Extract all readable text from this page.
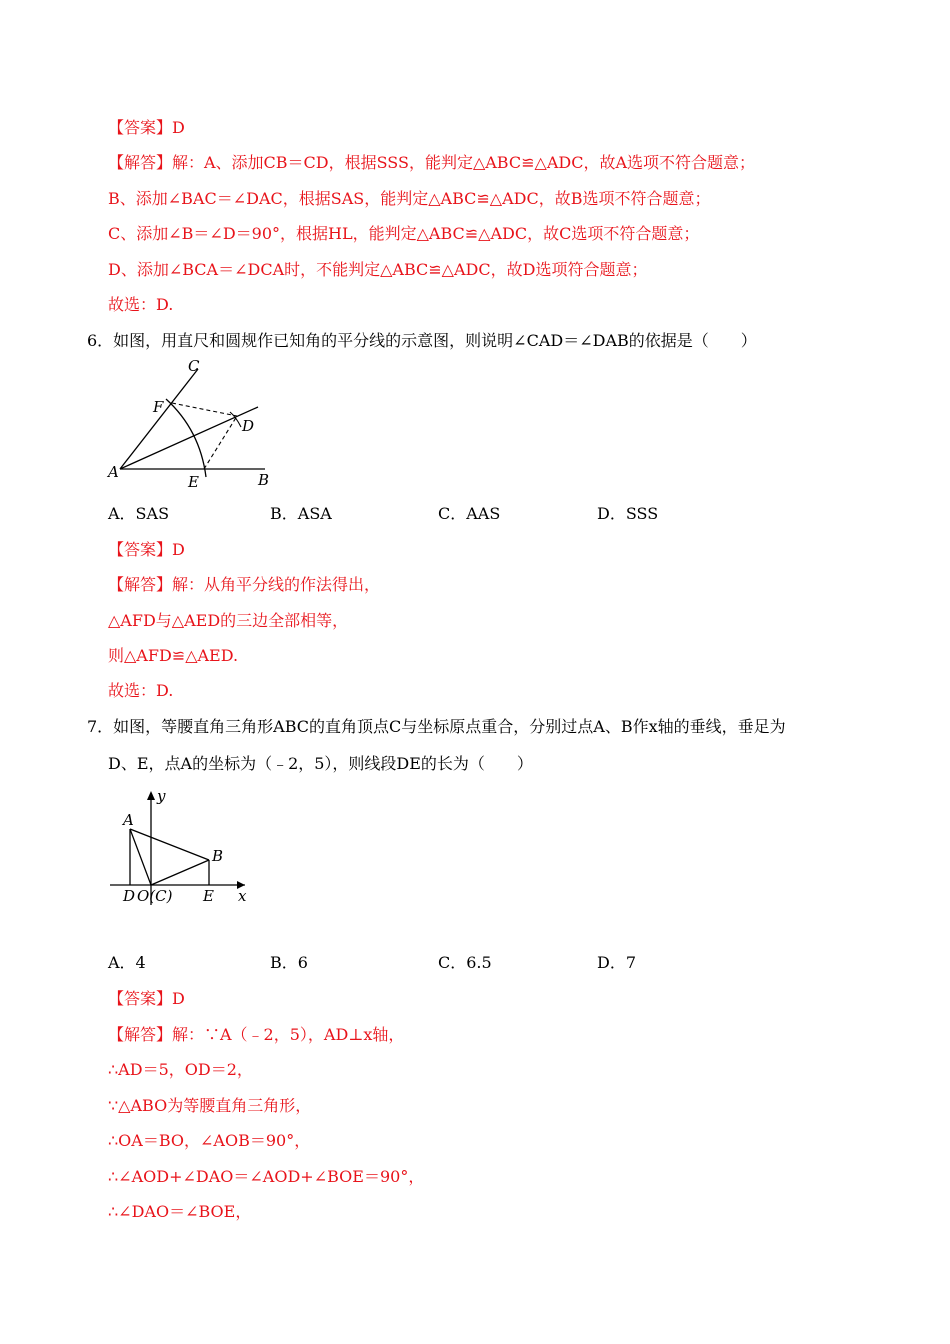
【答案】D
【解答】解：A、添加CB＝CD，根据SSS，能判定△ABC≌△ADC，故A选项不符合题意；
B、添加∠BAC＝∠DAC，根据SAS，能判定△ABC≌△ADC，故B选项不符合题意；
C、添加∠B＝∠D＝90°，根据HL，能判定△ABC≌△ADC，故C选项不符合题意；
D、添加∠BCA＝∠DCA时，不能判定△ABC≌△ADC，故D选项符合题意；
故选：D.
6．如图，用直尺和圆规作已知角的平分线的示意图，则说明∠CAD＝∠DAB的依据是（　　）
C
F
D
A
E	B
A．SAS	B．ASA	C．AAS	D．SSS
【答案】D
【解答】解：从角平分线的作法得出，
△AFD与△AED的三边全部相等，
则△AFD≌△AED.
故选：D.
7．如图，等腰直角三角形ABC的直角顶点C与坐标原点重合，分别过点A、B作x轴的垂线，垂足为
D、E，点A的坐标为（﹣2，5），则线段DE的长为（　　）
y
A
B
D O(C) E x
A．4	B．6	C．6.5	D．7
【答案】D
【解答】解：∵A（﹣2，5），AD⊥x轴，
∴AD＝5，OD＝2，
∵△ABO为等腰直角三角形，
∴OA＝BO，∠AOB＝90°，
∴∠AOD+∠DAO＝∠AOD+∠BOE＝90°，
∴∠DAO＝∠BOE，
